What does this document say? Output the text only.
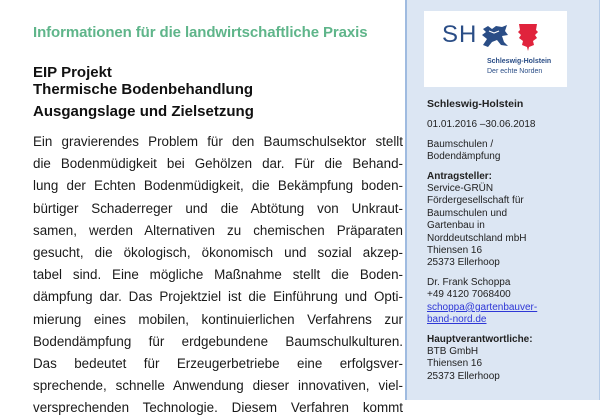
Informationen für die landwirtschaftliche Praxis
EIP Projekt
Thermische Bodenbehandlung
Ausgangslage und Zielsetzung
Ein gravierendes Problem für den Baumschulsektor stellt
die Bodenmüdigkeit bei Gehölzen dar. Für die Behand-
lung der Echten Bodenmüdigkeit, die Bekämpfung boden-
bürtiger Schaderreger und die Abtötung von Unkraut-
samen, werden Alternativen zu chemischen Präparaten
gesucht, die ökologisch, ökonomisch und sozial akzep-
tabel sind. Eine mögliche Maßnahme stellt die Boden-
dämpfung dar. Das Projektziel ist die Einführung und Opti-
mierung eines mobilen, kontinuierlichen Verfahrens zur
Bodendämpfung für erdgebundene Baumschulkulturen.
Das bedeutet für Erzeugerbetriebe eine erfolgsver-
sprechende, schnelle Anwendung dieser innovativen, viel-
versprechenden Technologie. Diesem Verfahren kommt
SH
Schleswig-Holstein
Der echte Norden
Schleswig-Holstein
01.01.2016 –30.06.2018
Baumschulen /
Bodendämpfung
Antragsteller:
Service-GRÜN
Fördergesellschaft für
Baumschulen und
Gartenbau in
Norddeutschland mbH
Thiensen 16
25373 Ellerhoop
Dr. Frank Schoppa
+49 4120 7068400
schoppa@gartenbauver-
band-nord.de
Hauptverantwortliche:
BTB GmbH
Thiensen 16
25373 Ellerhoop
